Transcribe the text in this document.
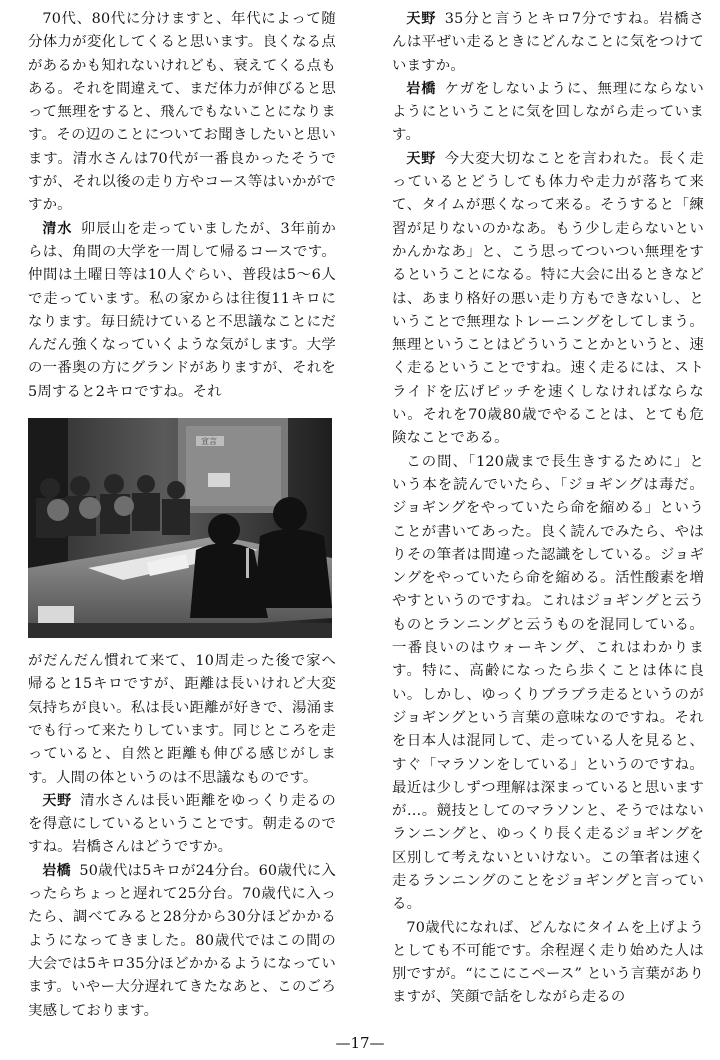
70代、80代に分けますと、年代によって随分体力が変化してくると思います。良くなる点があるかも知れないけれども、衰えてくる点もある。それを間違えて、まだ体力が伸びると思って無理をすると、飛んでもないことになります。その辺のことについてお聞きしたいと思います。清水さんは70代が一番良かったそうですが、それ以後の走り方やコース等はいかがですか。

清水 卯辰山を走っていましたが、3年前からは、角間の大学を一周して帰るコースです。仲間は土曜日等は10人ぐらい、普段は5～6人で走っています。私の家からは往復11キロになります。毎日続けていると不思議なことにだんだん強くなっていくような気がします。大学の一番奥の方にグランドがありますが、それを5周すると2キロですね。それ

宣言

がだんだん慣れて来て、10周走った後で家へ帰ると15キロですが、距離は長いけれど大変気持ちが良い。私は長い距離が好きで、湯涌までも行って来たりしています。同じところを走っていると、自然と距離も伸びる感じがします。人間の体というのは不思議なものです。

天野 清水さんは長い距離をゆっくり走るのを得意にしているということです。朝走るのですね。岩橋さんはどうですか。

岩橋 50歳代は5キロが24分台。60歳代に入ったらちょっと遅れて25分台。70歳代に入ったら、調べてみると28分から30分ほどかかるようになってきました。80歳代ではこの間の大会では5キロ35分ほどかかるようになっています。いやー大分遅れてきたなあと、このごろ実感しております。

天野 35分と言うとキロ7分ですね。岩橋さんは平ぜい走るときにどんなことに気をつけていますか。

岩橋 ケガをしないように、無理にならないようにということに気を回しながら走っています。

天野 今大変大切なことを言われた。長く走っているとどうしても体力や走力が落ちて来て、タイムが悪くなって来る。そうすると「練習が足りないのかなあ。もう少し走らないといかんかなあ」と、こう思ってついつい無理をするということになる。特に大会に出るときなどは、あまり格好の悪い走り方もできないし、ということで無理なトレーニングをしてしまう。無理ということはどういうことかというと、速く走るということですね。速く走るには、ストライドを広げピッチを速くしなければならない。それを70歳80歳でやることは、とても危険なことである。

この間、「120歳まで長生きするために」という本を読んでいたら、「ジョギングは毒だ。ジョギングをやっていたら命を縮める」ということが書いてあった。良く読んでみたら、やはりその筆者は間違った認識をしている。ジョギングをやっていたら命を縮める。活性酸素を増やすというのですね。これはジョギングと云うものとランニングと云うものを混同している。一番良いのはウォーキング、これはわかります。特に、高齢になったら歩くことは体に良い。しかし、ゆっくりブラブラ走るというのがジョギングという言葉の意味なのですね。それを日本人は混同して、走っている人を見ると、すぐ「マラソンをしている」というのですね。最近は少しずつ理解は深まっていると思いますが…。競技としてのマラソンと、そうではないランニングと、ゆっくり長く走るジョギングを区別して考えないといけない。この筆者は速く走るランニングのことをジョギングと言っている。

70歳代になれば、どんなにタイムを上げようとしても不可能です。余程遅く走り始めた人は別ですが。“にこにこペース” という言葉がありますが、笑顔で話をしながら走るの

—17—
